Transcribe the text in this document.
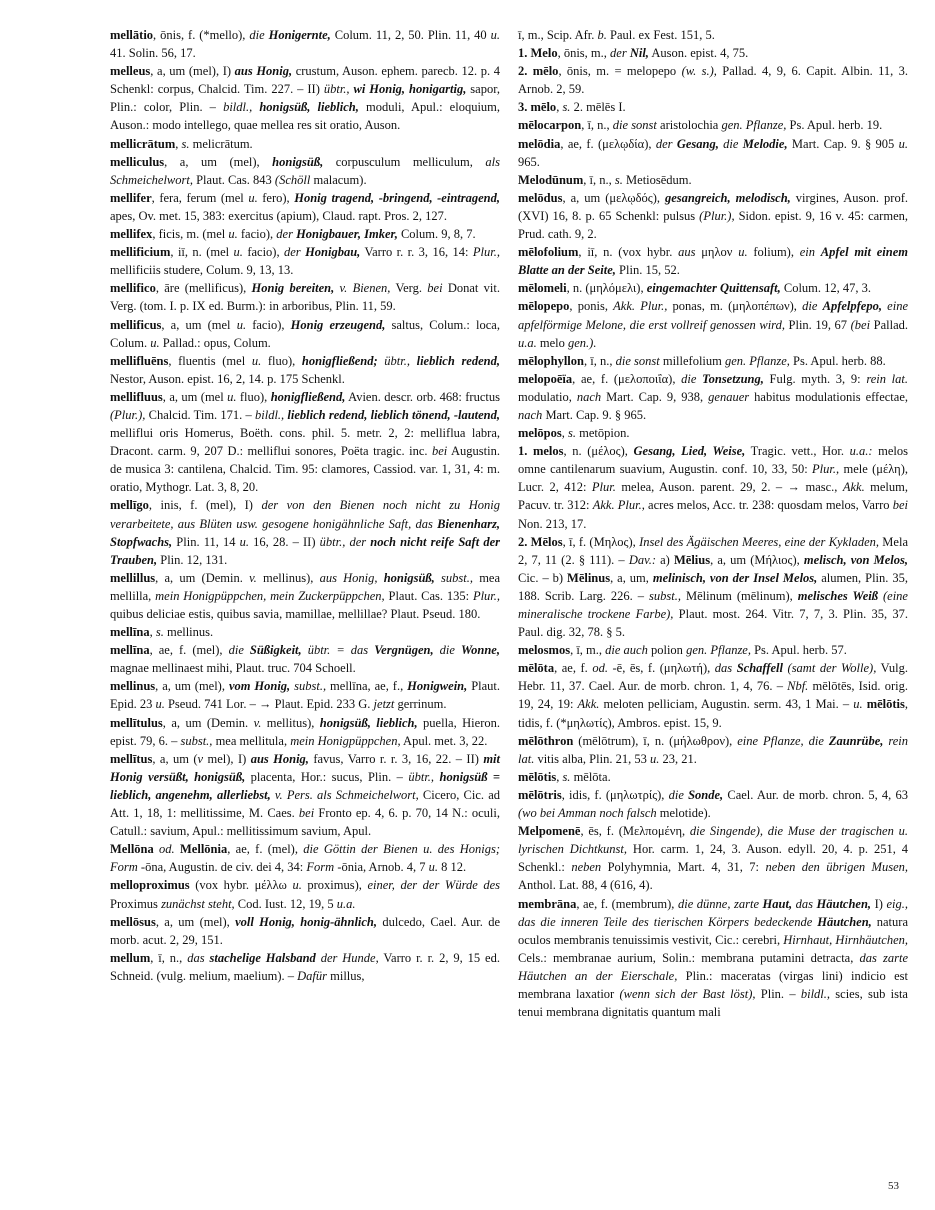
mellātio, ōnis, f. (*mello), die Honigernte, Colum. 11, 2, 50. Plin. 11, 40 u. 41. Solin. 56, 17.

melleus, a, um (mel), I) aus Honig, crustum, Auson. ephem. parecb. 12. p. 4 Schenkl: corpus, Chalcid. Tim. 227. – II) übtr., wi Honig, honigartig, sapor, Plin.: color, Plin. – bildl., honigsüß, lieblich, moduli, Apul.: eloquium, Auson.: modo intellego, quae mellea res sit oratio, Auson.

mellicrātum, s. melicrātum.

melliculus, a, um (mel), honigsüß, corpusculum melliculum, als Schmeichelwort, Plaut. Cas. 843 (Schöll malacum).

mellifer, fera, ferum (mel u. fero), Honig tragend, -bringend, -eintragend, apes, Ov. met. 15, 383: exercitus (apium), Claud. rapt. Pros. 2, 127.

mellifex, ficis, m. (mel u. facio), der Honigbauer, Imker, Colum. 9, 8, 7.

mellificium, iī, n. (mel u. facio), der Honigbau, Varro r. r. 3, 16, 14: Plur., mellificiis studere, Colum. 9, 13, 13.

mellifico, āre (mellificus), Honig bereiten, v. Bienen, Verg. bei Donat vit. Verg. (tom. I. p. IX ed. Burm.): in arboribus, Plin. 11, 59.

mellificus, a, um (mel u. facio), Honig erzeugend, saltus, Colum.: loca, Colum. u. Pallad.: opus, Colum.

mellifluēns, fluentis (mel u. fluo), honigfließend; übtr., lieblich redend, Nestor, Auson. epist. 16, 2, 14. p. 175 Schenkl.

mellifluus, a, um (mel u. fluo), honigfließend, Avien. descr. orb. 468: fructus (Plur.), Chalcid. Tim. 171. – bildl., lieblich redend, lieblich tönend, -lautend, melliflui oris Homerus, Boëth. cons. phil. 5. metr. 2, 2: melliflua labra, Dracont. carm. 9, 207 D.: melliflui sonores, Poëta tragic. inc. bei Augustin. de musica 3: cantilena, Chalcid. Tim. 95: clamores, Cassiod. var. 1, 31, 4: m. oratio, Mythogr. Lat. 3, 8, 20.

mellīgo, inis, f. (mel), I) der von den Bienen noch nicht zu Honig verarbeitete, aus Blüten usw. gesogene honigähnliche Saft, das Bienenharz, Stopfwachs, Plin. 11, 14 u. 16, 28. – II) übtr., der noch nicht reife Saft der Trauben, Plin. 12, 131.

mellillus, a, um (Demin. v. mellinus), aus Honig, honigsüß, subst., mea mellilla, mein Honigpüppchen, mein Zuckerpüppchen, Plaut. Cas. 135: Plur., quibus deliciae estis, quibus savia, mamillae, mellillae? Plaut. Pseud. 180.

mellīna, s. mellinus.

mellīna, ae, f. (mel), die Süßigkeit, übtr. = das Vergnügen, die Wonne, magnae mellinaest mihi, Plaut. truc. 704 Schoell.

mellinus, a, um (mel), vom Honig, subst., mellīna, ae, f., Honigwein, Plaut. Epid. 23 u. Pseud. 741 Lor. – → Plaut. Epid. 233 G. jetzt gerrinum.

mellītulus, a, um (Demin. v. mellitus), honigsüß, lieblich, puella, Hieron. epist. 79, 6. – subst., mea mellitula, mein Honigpüppchen, Apul. met. 3, 22.

mellītus, a, um (v mel), I) aus Honig, favus, Varro r. r. 3, 16, 22. – II) mit Honig versüßt, honigsüß, placenta, Hor.: sucus, Plin. – übtr., honigsüß = lieblich, angenehm, allerliebst, v. Pers. als Schmeichelwort, Cicero, Cic. ad Att. 1, 18, 1: mellitissime, M. Caes. bei Fronto ep. 4, 6. p. 70, 14 N.: oculi, Catull.: savium, Apul.: mellitissimum savium, Apul.

Mellōna od. Mellōnia, ae, f. (mel), die Göttin der Bienen u. des Honigs; Form -ōna, Augustin. de civ. dei 4, 34: Form -ōnia, Arnob. 4, 7 u. 8 12.

melloproximus (vox hybr. μέλλω u. proximus), einer, der der Würde des Proximus zunächst steht, Cod. Iust. 12, 19, 5 u.a.

mellōsus, a, um (mel), voll Honig, honig-ähnlich, dulcedo, Cael. Aur. de morb. acut. 2, 29, 151.

mellum, ī, n., das stachelige Halsband der Hunde, Varro r. r. 2, 9, 15 ed. Schneid. (vulg. melium, maelium). – Dafür millus,

ī, m., Scip. Afr. b. Paul. ex Fest. 151, 5.

1. Melo, ōnis, m., der Nil, Auson. epist. 4, 75.

2. mēlo, ōnis, m. = melopepo (w. s.), Pallad. 4, 9, 6. Capit. Albin. 11, 3. Arnob. 2, 59.

3. mēlo, s. 2. mēlēs I.

mēlocarpon, ī, n., die sonst aristolochia gen. Pflanze, Ps. Apul. herb. 19.

melōdia, ae, f. (μελῳδία), der Gesang, die Melodie, Mart. Cap. 9. § 905 u. 965.

Melodūnum, ī, n., s. Metiosēdum.

melōdus, a, um (μελῳδός), gesangreich, melodisch, virgines, Auson. prof. (XVI) 16, 8. p. 65 Schenkl: pulsus (Plur.), Sidon. epist. 9, 16 v. 45: carmen, Prud. cath. 9, 2.

mēlofolium, iī, n. (vox hybr. aus μηλον u. folium), ein Apfel mit einem Blatte an der Seite, Plin. 15, 52.

mēlomeli, n. (μηλόμελι), eingemachter Quittensaft, Colum. 12, 47, 3.

mēlopepo, ponis, Akk. Plur., ponas, m. (μηλοπέπων), die Apfelpfepo, eine apfelförmige Melone, die erst vollreif genossen wird, Plin. 19, 67 (bei Pallad. u.a. melo gen.).

mēlophyllon, ī, n., die sonst millefolium gen. Pflanze, Ps. Apul. herb. 88.

melopoēïa, ae, f. (μελοποιΐα), die Tonsetzung, Fulg. myth. 3, 9: rein lat. modulatio, nach Mart. Cap. 9, 938, genauer habitus modulationis effectae, nach Mart. Cap. 9. § 965.

melōpos, s. metōpion.

1. melos, n. (μέλος), Gesang, Lied, Weise, Tragic. vett., Hor. u.a.: melos omne cantilenarum suavium, Augustin. conf. 10, 33, 50: Plur., mele (μέλη), Lucr. 2, 412: Plur. melea, Auson. parent. 29, 2. – → masc., Akk. melum, Pacuv. tr. 312: Akk. Plur., acres melos, Acc. tr. 238: quosdam melos, Varro bei Non. 213, 17.

2. Mēlos, ī, f. (Μηλος), Insel des Ägäischen Meeres, eine der Kykladen, Mela 2, 7, 11 (2. § 111). – Dav.: a) Mēlius, a, um (Μήλιος), melisch, von Melos, Cic. – b) Mēlinus, a, um, melinisch, von der Insel Melos, alumen, Plin. 35, 188. Scrib. Larg. 226. – subst., Mēlinum (mēlinum), melisches Weiß (eine mineralische trockene Farbe), Plaut. most. 264. Vitr. 7, 7, 3. Plin. 35, 37. Paul. dig. 32, 78. § 5.

melosmos, ī, m., die auch polion gen. Pflanze, Ps. Apul. herb. 57.

mēlōta, ae, f. od. -ē, ēs, f. (μηλωτή), das Schaffell (samt der Wolle), Vulg. Hebr. 11, 37. Cael. Aur. de morb. chron. 1, 4, 76. – Nbf. mēlōtēs, Isid. orig. 19, 24, 19: Akk. meloten pelliciam, Augustin. serm. 43, 1 Mai. – u. mēlōtis, tidis, f. (*μηλωτίς), Ambros. epist. 15, 9.

mēlōthron (mēlōtrum), ī, n. (μήλωθρον), eine Pflanze, die Zaunrübe, rein lat. vitis alba, Plin. 21, 53 u. 23, 21.

mēlōtis, s. mēlōta.

mēlōtris, idis, f. (μηλωτρίς), die Sonde, Cael. Aur. de morb. chron. 5, 4, 63 (wo bei Amman noch falsch melotide).

Melpomenē, ēs, f. (Μελπομένη, die Singende), die Muse der tragischen u. lyrischen Dichtkunst, Hor. carm. 1, 24, 3. Auson. edyll. 20, 4. p. 251, 4 Schenkl.: neben Polyhymnia, Mart. 4, 31, 7: neben den übrigen Musen, Anthol. Lat. 88, 4 (616, 4).

membrāna, ae, f. (membrum), die dünne, zarte Haut, das Häutchen, I) eig., das die inneren Teile des tierischen Körpers bedeckende Häutchen, natura oculos membranis tenuissimis vestivit, Cic.: cerebri, Hirnhaut, Hirnhäutchen, Cels.: membranae aurium, Solin.: membrana putamini detracta, das zarte Häutchen an der Eierschale, Plin.: maceratas (virgas lini) indicio est membrana laxatior (wenn sich der Bast löst), Plin. – bildl., scies, sub ista tenui membrana dignitatis quantum mali

53
